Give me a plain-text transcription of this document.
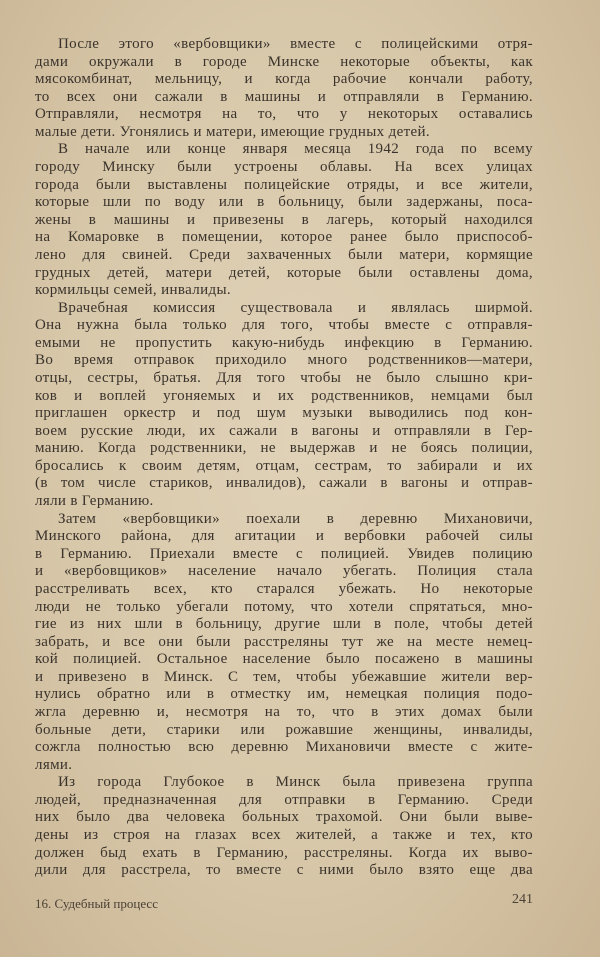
После этого «вербовщики» вместе с полицейскими отря-
дами окружали в городе Минске некоторые объекты, как
мясокомбинат, мельницу, и когда рабочие кончали работу,
то всех они сажали в машины и отправляли в Германию.
Отправляли, несмотря на то, что у некоторых оставались
малые дети. Угонялись и матери, имеющие грудных детей.
В начале или конце января месяца 1942 года по всему
городу Минску были устроены облавы. На всех улицах
города были выставлены полицейские отряды, и все жители,
которые шли по воду или в больницу, были задержаны, поса-
жены в машины и привезены в лагерь, который находился
на Комаровке в помещении, которое ранее было приспособ-
лено для свиней. Среди захваченных были матери, кормящие
грудных детей, матери детей, которые были оставлены дома,
кормильцы семей, инвалиды.
Врачебная комиссия существовала и являлась ширмой.
Она нужна была только для того, чтобы вместе с отправля-
емыми не пропустить какую-нибудь инфекцию в Германию.
Во время отправок приходило много родственников—матери,
отцы, сестры, братья. Для того чтобы не было слышно кри-
ков и воплей угоняемых и их родственников, немцами был
приглашен оркестр и под шум музыки выводились под кон-
воем русские люди, их сажали в вагоны и отправляли в Гер-
манию. Когда родственники, не выдержав и не боясь полиции,
бросались к своим детям, отцам, сестрам, то забирали и их
(в том числе стариков, инвалидов), сажали в вагоны и отправ-
ляли в Германию.
Затем «вербовщики» поехали в деревню Михановичи,
Минского района, для агитации и вербовки рабочей силы
в Германию. Приехали вместе с полицией. Увидев полицию
и «вербовщиков» население начало убегать. Полиция стала
расстреливать всех, кто старался убежать. Но некоторые
люди не только убегали потому, что хотели спрятаться, мно-
гие из них шли в больницу, другие шли в поле, чтобы детей
забрать, и все они были расстреляны тут же на месте немец-
кой полицией. Остальное население было посажено в машины
и привезено в Минск. С тем, чтобы убежавшие жители вер-
нулись обратно или в отместку им, немецкая полиция подо-
жгла деревню и, несмотря на то, что в этих домах были
больные дети, старики или рожавшие женщины, инвалиды,
сожгла полностью всю деревню Михановичи вместе с жите-
лями.
Из города Глубокое в Минск была привезена группа
людей, предназначенная для отправки в Германию. Среди
них было два человека больных трахомой. Они были выве-
дены из строя на глазах всех жителей, а также и тех, кто
должен быд ехать в Германию, расстреляны. Когда их выво-
дили для расстрела, то вместе с ними было взято еще два
16. Судебный процесс	241
